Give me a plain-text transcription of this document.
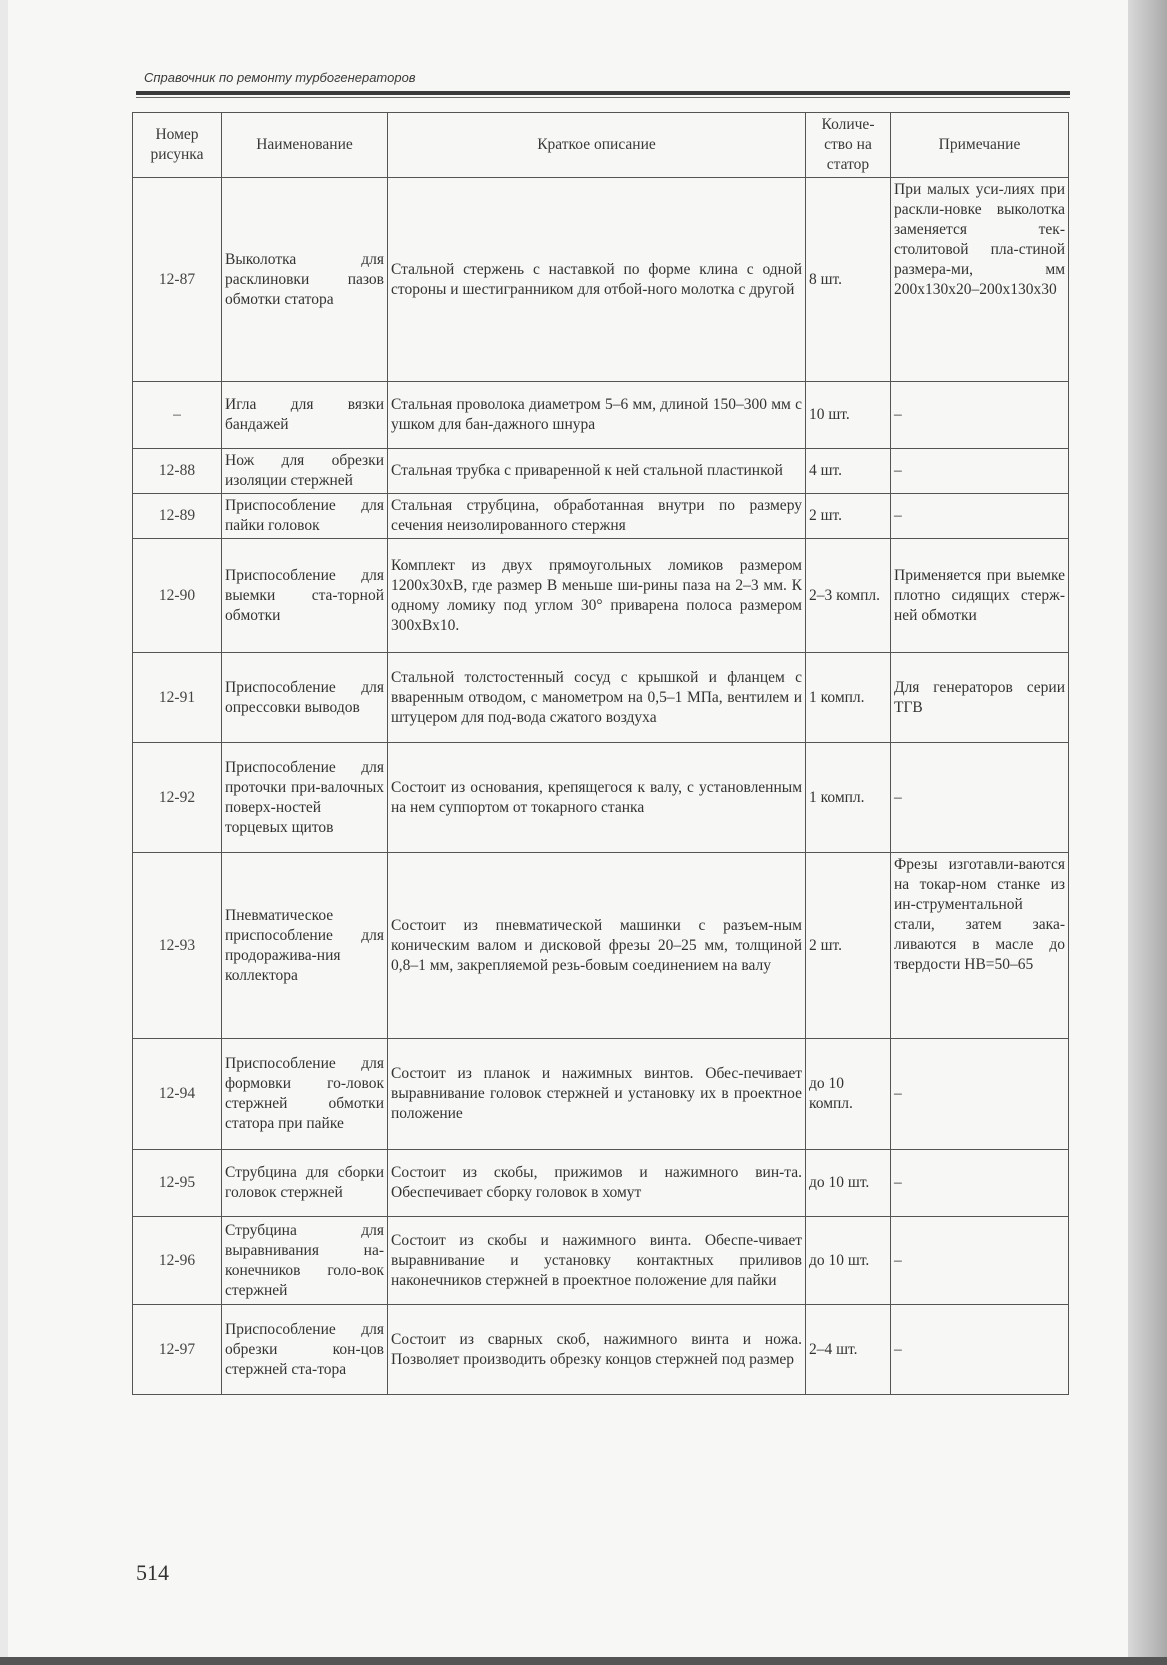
Справочник по ремонту турбогенераторов
Номер рисунка	Наименование	Краткое описание	Количе-ство на статор	Примечание
12-87	Выколотка для расклиновки пазов обмотки статора	Стальной стержень с наставкой по форме клина с одной стороны и шестигранником для отбой-ного молотка с другой	8 шт.	При малых уси-лиях при раскли-новке выколотка заменяется тек-столитовой пла-стиной размера-ми, мм 200х130х20–200х130х30
–	Игла для вязки бандажей	Стальная проволока диаметром 5–6 мм, длиной 150–300 мм с ушком для бан-дажного шнура	10 шт.	–
12-88	Нож для обрезки изоляции стержней	Стальная трубка с приваренной к ней стальной пластинкой	4 шт.	–
12-89	Приспособление для пайки головок	Стальная струбцина, обработанная внутри по размеру сечения неизолированного стержня	2 шт.	–
12-90	Приспособление для выемки ста-торной обмотки	Комплект из двух прямоугольных ломиков размером 1200х30хВ, где размер В меньше ши-рины паза на 2–3 мм. К одному ломику под углом 30° приварена полоса размером 300хВх10.	2–3 компл.	Применяется при выемке плотно сидящих стерж-ней обмотки
12-91	Приспособление для опрессовки выводов	Стальной толстостенный сосуд с крышкой и фланцем с вваренным отводом, с манометром на 0,5–1 МПа, вентилем и штуцером для под-вода сжатого воздуха	1 компл.	Для генераторов серии ТГВ
12-92	Приспособление для проточки при-валочных поверх-ностей торцевых щитов	Состоит из основания, крепящегося к валу, с установленным на нем суппортом от токарного станка	1 компл.	–
12-93	Пневматическое приспособление для продоражива-ния коллектора	Состоит из пневматической машинки с разъем-ным коническим валом и дисковой фрезы 20–25 мм, толщиной 0,8–1 мм, закрепляемой резь-бовым соединением на валу	2 шт.	Фрезы изготавли-ваются на токар-ном станке из ин-струментальной стали, затем зака-ливаются в масле до твердости НВ=50–65
12-94	Приспособление для формовки го-ловок стержней обмотки статора при пайке	Состоит из планок и нажимных винтов. Обес-печивает выравнивание головок стержней и установку их в проектное положение	до 10 компл.	–
12-95	Струбцина для сборки головок стержней	Состоит из скобы, прижимов и нажимного вин-та. Обеспечивает сборку головок в хомут	до 10 шт.	–
12-96	Струбцина для выравнивания на-конечников голо-вок стержней	Состоит из скобы и нажимного винта. Обеспе-чивает выравнивание и установку контактных приливов наконечников стержней в проектное положение для пайки	до 10 шт.	–
12-97	Приспособление для обрезки кон-цов стержней ста-тора	Состоит из сварных скоб, нажимного винта и ножа. Позволяет производить обрезку концов стержней под размер	2–4 шт.	–
514
